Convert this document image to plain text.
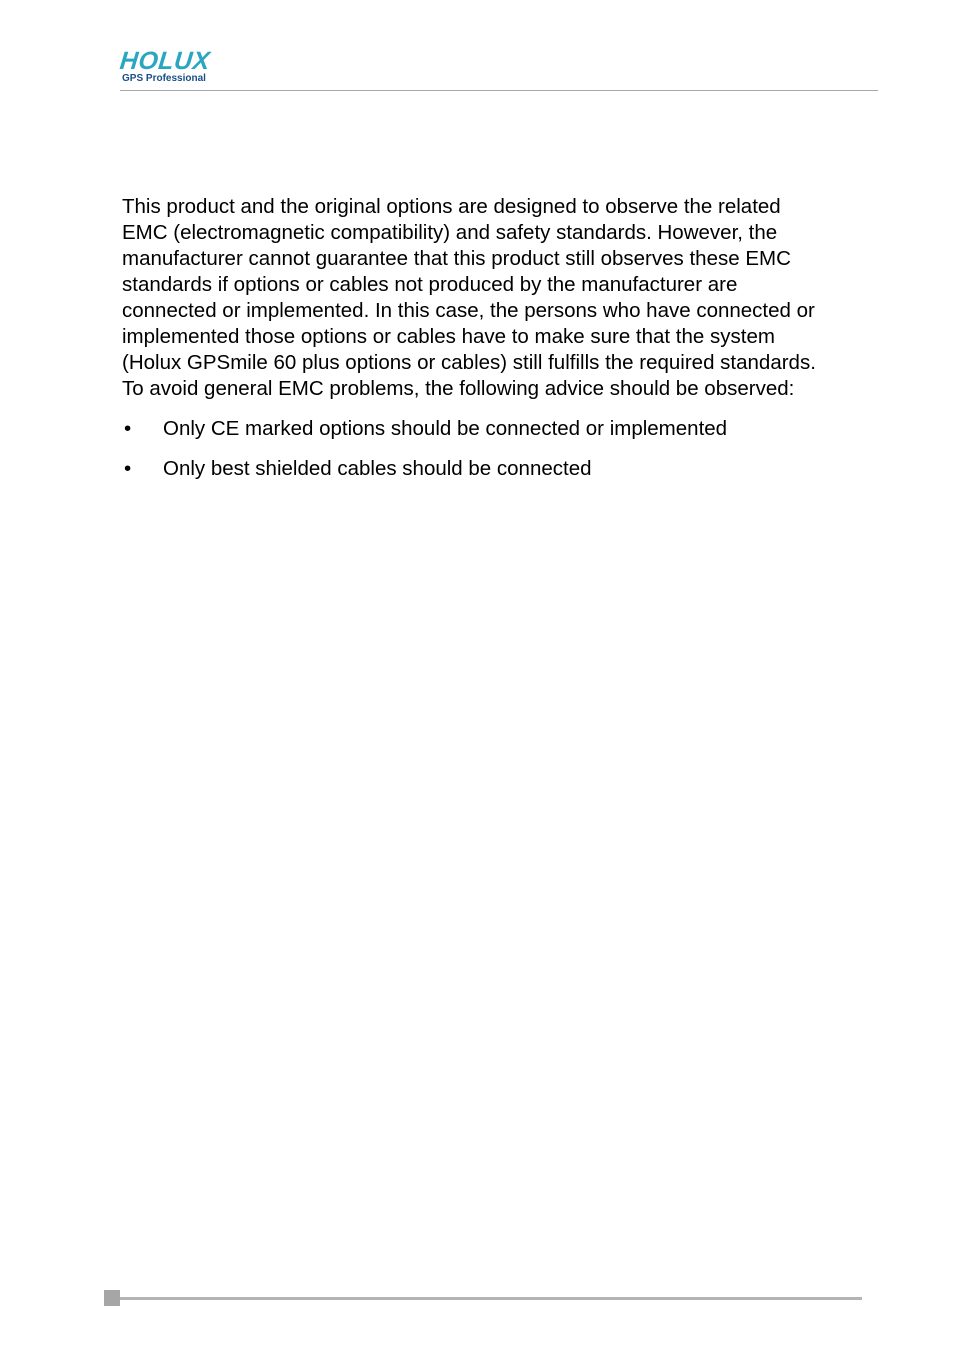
HOLUX
GPS Professional

This product and the original options are designed to observe the related
EMC (electromagnetic compatibility) and safety standards. However, the
manufacturer cannot guarantee that this product still observes these EMC
standards if options or cables not produced by the manufacturer are
connected or implemented. In this case, the persons who have connected or
implemented those options or cables have to make sure that the system
(Holux GPSmile 60 plus options or cables) still fulfills the required standards.
To avoid general EMC problems, the following advice should be observed:

• Only CE marked options should be connected or implemented
• Only best shielded cables should be connected
